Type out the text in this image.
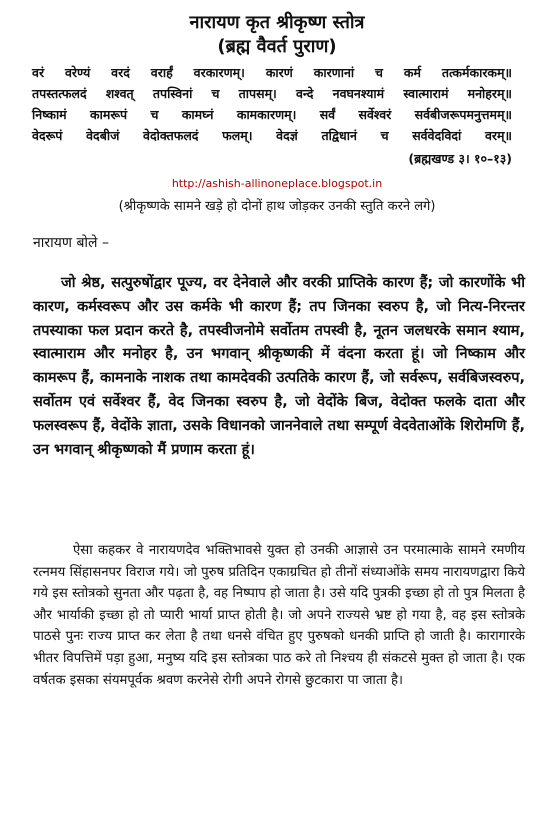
नारायण कृत श्रीकृष्ण स्तोत्र
(ब्रह्म वैवर्त पुराण)
वरं वरेण्यं वरदं वरार्हं वरकारणम्। कारणं कारणानां च कर्म तत्कर्मकारकम्॥
तपस्तत्फलदं शश्वत् तपस्विनां च तापसम्। वन्दे नवघनश्यामं स्वात्मारामं मनोहरम्॥
निष्कामं कामरूपं च कामघ्नं कामकारणम्। सर्वं सर्वेश्वरं सर्वबीजरूपमनुत्तमम्॥
वेदरूपं वेदबीजं वेदोक्तफलदं फलम्। वेदज्ञं तद्विधानं च सर्ववेदविदां वरम्॥
(ब्रह्मखण्ड ३। १०–१३)
http://ashish-allinoneplace.blogspot.in
(श्रीकृष्णके सामने खड़े हो दोनों हाथ जोड़कर उनकी स्तुति करने लगे)
नारायण बोले –
जो श्रेष्ठ, सत्पुरुषोंद्वार पूज्य, वर देनेवाले और वरकी प्राप्तिके कारण हैं; जो कारणोंके भी कारण, कर्मस्वरूप और उस कर्मके भी कारण हैं; तप जिनका स्वरुप है, जो नित्य-निरन्तर तपस्याका फल प्रदान करते है, तपस्वीजनोमे सर्वोतम तपस्वी है, नूतन जलधरके समान श्याम, स्वात्माराम और मनोहर है, उन भगवान् श्रीकृष्णकी में वंदना करता हूं। जो निष्काम और कामरूप हैं, कामनाके नाशक तथा कामदेवकी उत्पतिके कारण हैं, जो सर्वरूप, सर्वबिजस्वरुप, सर्वोतम एवं सर्वेश्वर हैं, वेद जिनका स्वरुप है, जो वेदोंके बिज, वेदोक्त फलके दाता और फलस्वरूप हैं, वेदोंके ज्ञाता, उसके विधानको जाननेवाले तथा सम्पूर्ण वेदवेताओंके शिरोमणि हैं, उन भगवान् श्रीकृष्णको मैं प्रणाम करता हूं।
ऐसा कहकर वे नारायणदेव भक्तिभावसे युक्त हो उनकी आज्ञासे उन परमात्माके सामने रमणीय रत्नमय सिंहासनपर विराज गये। जो पुरुष प्रतिदिन एकाग्रचित हो तीनों संध्याओंके समय नारायणद्वारा किये गये इस स्तोत्रको सुनता और पढ़ता है, वह निष्पाप हो जाता है। उसे यदि पुत्रकी इच्छा हो तो पुत्र मिलता है और भार्याकी इच्छा हो तो प्यारी भार्या प्राप्त होती है। जो अपने राज्यसे भ्रष्ट हो गया है, वह इस स्तोत्रके पाठसे पुनः राज्य प्राप्त कर लेता है तथा धनसे वंचित हुए पुरुषको धनकी प्राप्ति हो जाती है। कारागारके भीतर विपत्तिमें पड़ा हुआ, मनुष्य यदि इस स्तोत्रका पाठ करे तो निश्चय ही संकटसे मुक्त हो जाता है। एक वर्षतक इसका संयमपूर्वक श्रवण करनेसे रोगी अपने रोगसे छुटकारा पा जाता है।
